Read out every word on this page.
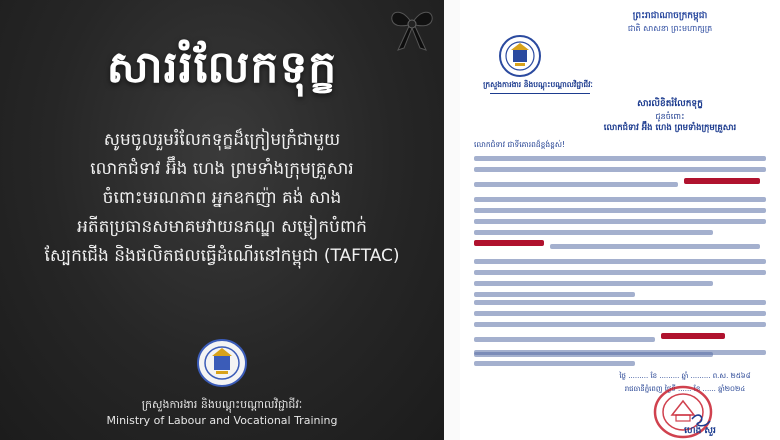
សាររំលែកទុក្ខ
សូមចូលរួមរំលែកទុក្ខដ៏ក្រៀមក្រំជាមួយ
លោកជំទាវ អ៊ឹង ហេង ព្រមទាំងក្រុមគ្រួសារ
ចំពោះមរណភាព អ្នកឧកញ៉ា គង់ សាង
អតីតប្រធានសមាគមវាយនភណ្ឌ សម្លៀកបំពាក់
ស្បែកជើង និងផលិតផលធ្វើដំណើរនៅកម្ពុជា (TAFTAC)
ក្រសួងការងារ និងបណ្តុះបណ្តាលវិជ្ជាជីវៈ
Ministry of Labour and Vocational Training
ព្រះរាជាណាចក្រកម្ពុជា
ជាតិ សាសនា ព្រះមហាក្សត្រ
ក្រសួងការងារ និងបណ្តុះបណ្តាលវិជ្ជាជីវៈ
សារលិខិតរំលែកទុក្ខ
ជូនចំពោះ
លោកជំទាវ អ៊ឹង ហេង ព្រមទាំងក្រុមគ្រួសារ
លោកជំទាវ ជាទីគោរពដ៏ខ្ពង់ខ្ពស់!
ថ្ងៃ ......... ខែ ......... ឆ្នាំ ......... ព.ស. ២៥៦៨
រាជធានីភ្នំពេញ ថ្ងៃទី ...... ខែ ...... ឆ្នាំ២០២៤
ហេង សួរ
